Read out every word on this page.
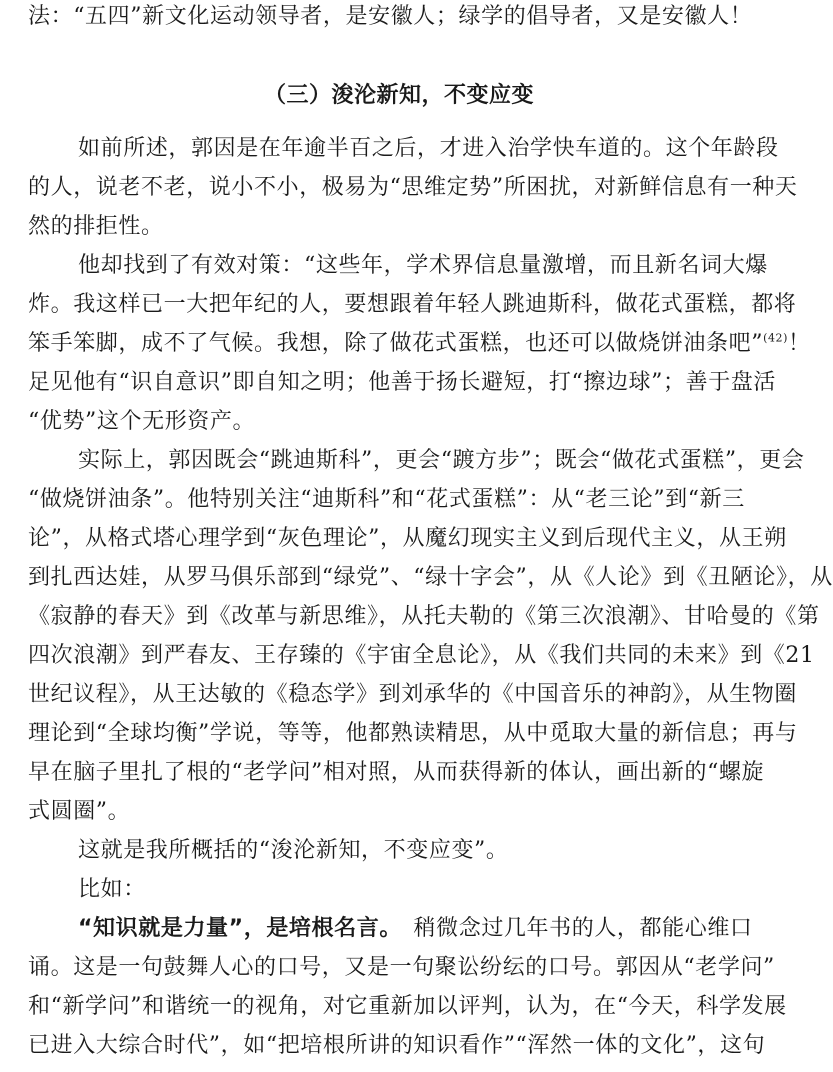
法：“五四”新文化运动领导者，是安徽人；绿学的倡导者，又是安徽人！
（三）浚沦新知，不变应变
如前所述，郭因是在年逾半百之后，才进入治学快车道的。这个年龄段
的人，说老不老，说小不小，极易为“思维定势”所困扰，对新鲜信息有一种天
然的排拒性。
他却找到了有效对策：“这些年，学术界信息量激增，而且新名词大爆
炸。我这样已一大把年纪的人，要想跟着年轻人跳迪斯科，做花式蛋糕，都将
笨手笨脚，成不了气候。我想，除了做花式蛋糕，也还可以做烧饼油条吧”$^{(42)}$！
足见他有“识自意识”即自知之明；他善于扬长避短，打“擦边球”；善于盘活
“优势”这个无形资产。
实际上，郭因既会“跳迪斯科”，更会“踱方步”；既会“做花式蛋糕”，更会
“做烧饼油条”。他特别关注“迪斯科”和“花式蛋糕”：从“老三论”到“新三
论”，从格式塔心理学到“灰色理论”，从魔幻现实主义到后现代主义，从王朔
到扎西达娃，从罗马俱乐部到“绿党”、“绿十字会”，从《人论》到《丑陋论》，从
《寂静的春天》到《改革与新思维》，从托夫勒的《第三次浪潮》、甘哈曼的《第
四次浪潮》到严春友、王存臻的《宇宙全息论》，从《我们共同的未来》到《21
世纪议程》，从王达敏的《稳态学》到刘承华的《中国音乐的神韵》，从生物圈
理论到“全球均衡”学说，等等，他都熟读精思，从中觅取大量的新信息；再与
早在脑子里扎了根的“老学问”相对照，从而获得新的体认，画出新的“螺旋
式圆圈”。
这就是我所概括的“浚沦新知，不变应变”。
比如：
“知识就是力量”，是培根名言。　稍微念过几年书的人，都能心维口
诵。这是一句鼓舞人心的口号，又是一句聚讼纷纭的口号。郭因从“老学问”
和“新学问”和谐统一的视角，对它重新加以评判，认为，在“今天，科学发展
已进入大综合时代”，如“把培根所讲的知识看作”“浑然一体的文化”，这句
